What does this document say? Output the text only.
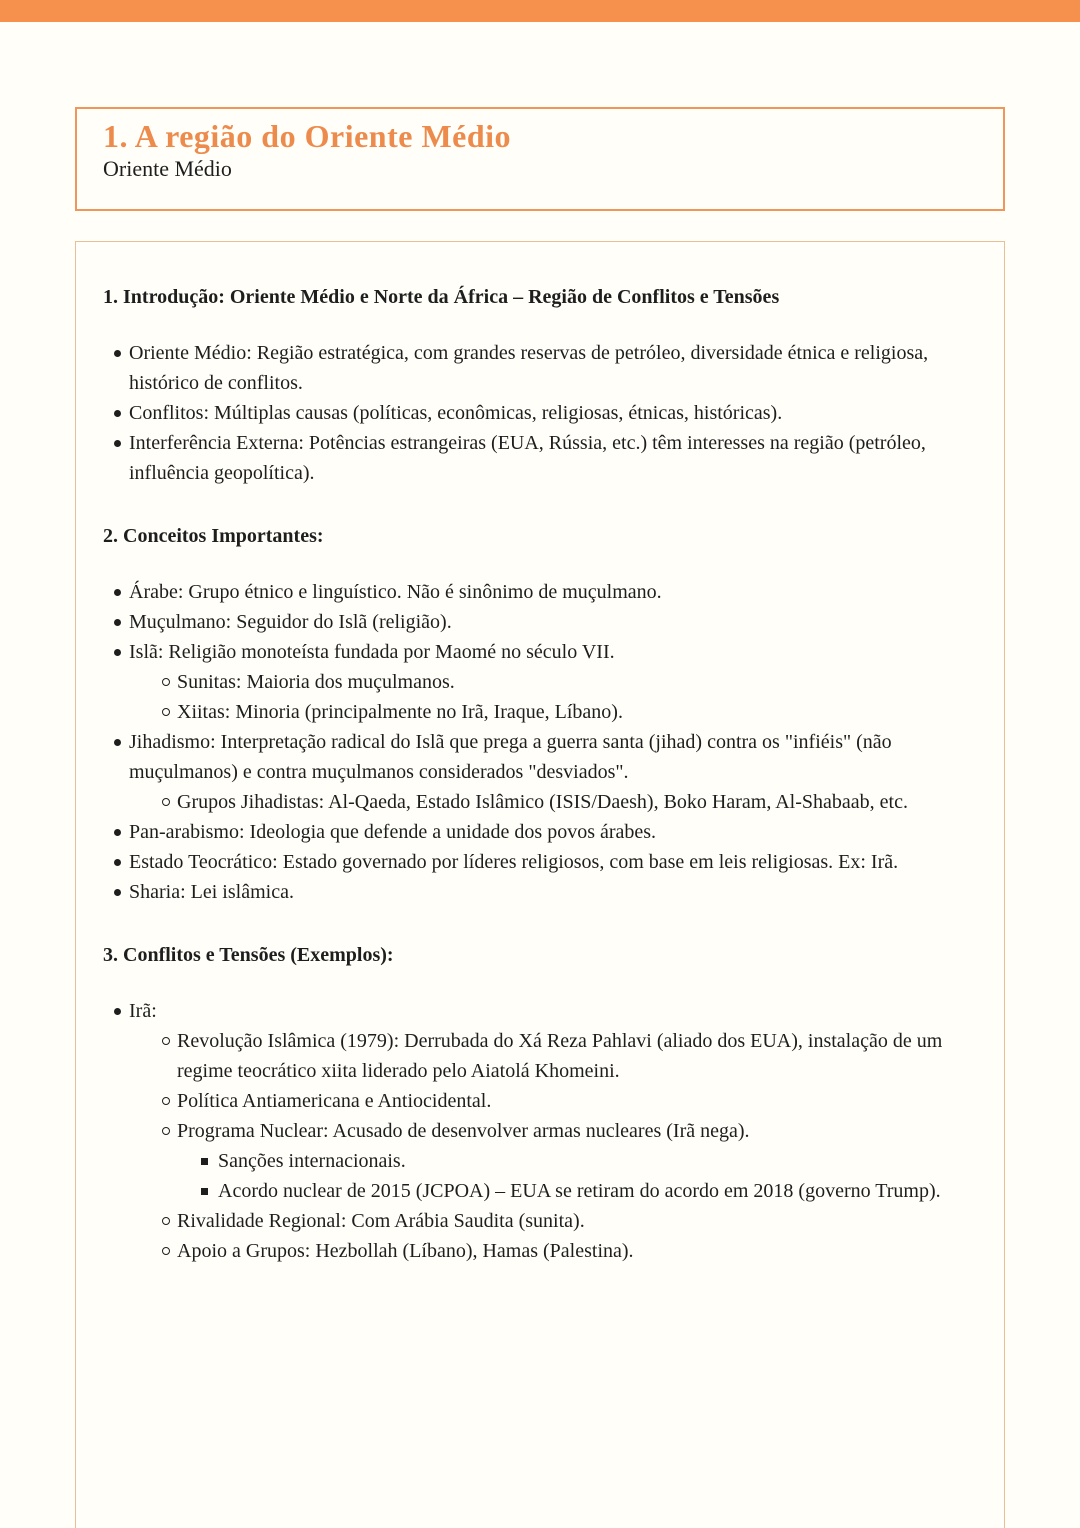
1. A região do Oriente Médio
Oriente Médio
1. Introdução: Oriente Médio e Norte da África – Região de Conflitos e Tensões
Oriente Médio: Região estratégica, com grandes reservas de petróleo, diversidade étnica e religiosa, histórico de conflitos.
Conflitos: Múltiplas causas (políticas, econômicas, religiosas, étnicas, históricas).
Interferência Externa: Potências estrangeiras (EUA, Rússia, etc.) têm interesses na região (petróleo, influência geopolítica).
2. Conceitos Importantes:
Árabe: Grupo étnico e linguístico. Não é sinônimo de muçulmano.
Muçulmano: Seguidor do Islã (religião).
Islã: Religião monoteísta fundada por Maomé no século VII.
Sunitas: Maioria dos muçulmanos.
Xiitas: Minoria (principalmente no Irã, Iraque, Líbano).
Jihadismo: Interpretação radical do Islã que prega a guerra santa (jihad) contra os "infiéis" (não muçulmanos) e contra muçulmanos considerados "desviados".
Grupos Jihadistas: Al-Qaeda, Estado Islâmico (ISIS/Daesh), Boko Haram, Al-Shabaab, etc.
Pan-arabismo: Ideologia que defende a unidade dos povos árabes.
Estado Teocrático: Estado governado por líderes religiosos, com base em leis religiosas. Ex: Irã.
Sharia: Lei islâmica.
3. Conflitos e Tensões (Exemplos):
Irã:
Revolução Islâmica (1979): Derrubada do Xá Reza Pahlavi (aliado dos EUA), instalação de um regime teocrático xiita liderado pelo Aiatolá Khomeini.
Política Antiamericana e Antiocidental.
Programa Nuclear: Acusado de desenvolver armas nucleares (Irã nega).
Sanções internacionais.
Acordo nuclear de 2015 (JCPOA) – EUA se retiram do acordo em 2018 (governo Trump).
Rivalidade Regional: Com Arábia Saudita (sunita).
Apoio a Grupos: Hezbollah (Líbano), Hamas (Palestina).
